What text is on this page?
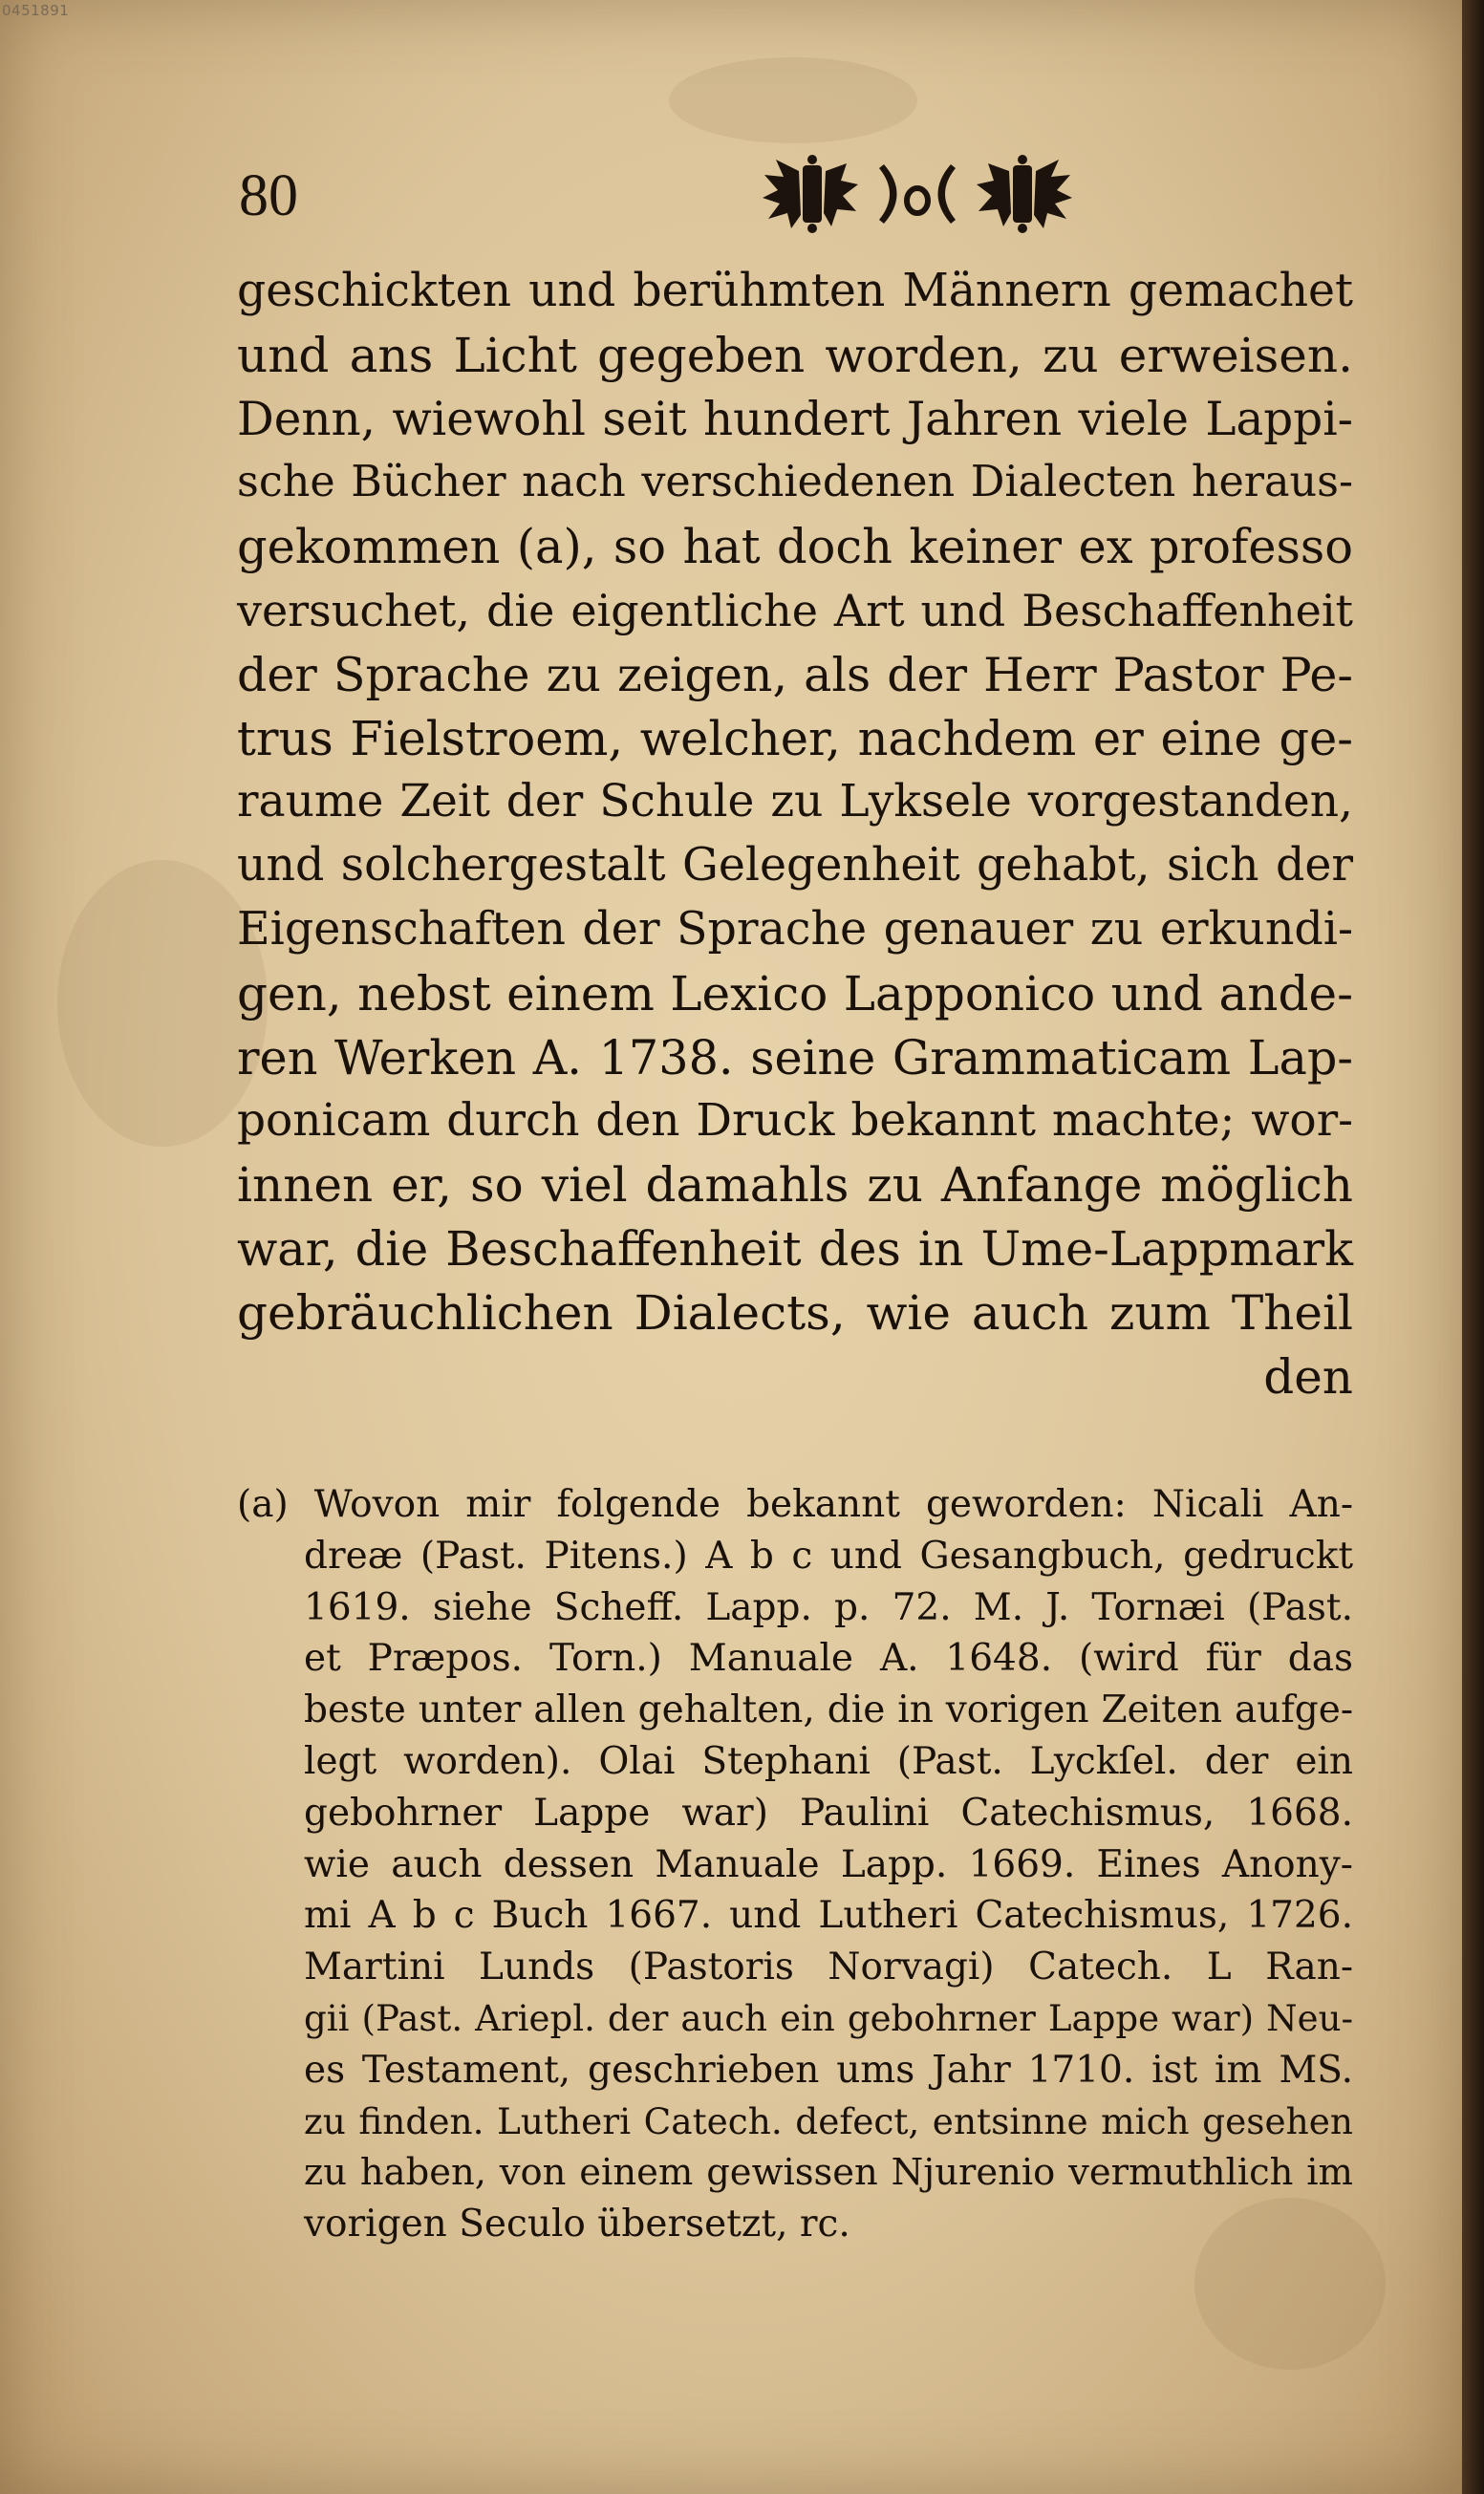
0451891
80
geschickten und berühmten Männern gemachet
und ans Licht gegeben worden, zu erweisen.
Denn, wiewohl seit hundert Jahren viele Lappi-
sche Bücher nach verschiedenen Dialecten heraus-
gekommen (a), so hat doch keiner ex professo
versuchet, die eigentliche Art und Beschaffenheit
der Sprache zu zeigen, als der Herr Pastor Pe-
trus Fielstroem, welcher, nachdem er eine ge-
raume Zeit der Schule zu Lyksele vorgestanden,
und solchergestalt Gelegenheit gehabt, sich der
Eigenschaften der Sprache genauer zu erkundi-
gen, nebst einem Lexico Lapponico und ande-
ren Werken A. 1738. seine Grammaticam Lap-
ponicam durch den Druck bekannt machte; wor-
innen er, so viel damahls zu Anfange möglich
war, die Beschaffenheit des in Ume-Lappmark
gebräuchlichen Dialects, wie auch zum Theil
den
(a) Wovon mir folgende bekannt geworden: Nicali An-
dreæ (Past. Pitens.) A b c und Gesangbuch, gedruckt
1619. siehe Scheff. Lapp. p. 72. M. J. Tornæi (Past.
et Præpos. Torn.) Manuale A. 1648. (wird für das
beste unter allen gehalten, die in vorigen Zeiten aufge-
legt worden). Olai Stephani (Past. Lyckſel. der ein
gebohrner Lappe war) Paulini Catechismus, 1668.
wie auch dessen Manuale Lapp. 1669. Eines Anony-
mi A b c Buch 1667. und Lutheri Catechismus, 1726.
Martini Lunds (Pastoris Norvagi) Catech. L Ran-
gii (Past. Ariepl. der auch ein gebohrner Lappe war) Neu-
es Testament, geschrieben ums Jahr 1710. ist im MS.
zu finden. Lutheri Catech. defect, entsinne mich gesehen
zu haben, von einem gewissen Njurenio vermuthlich im
vorigen Seculo übersetzt, rc.
